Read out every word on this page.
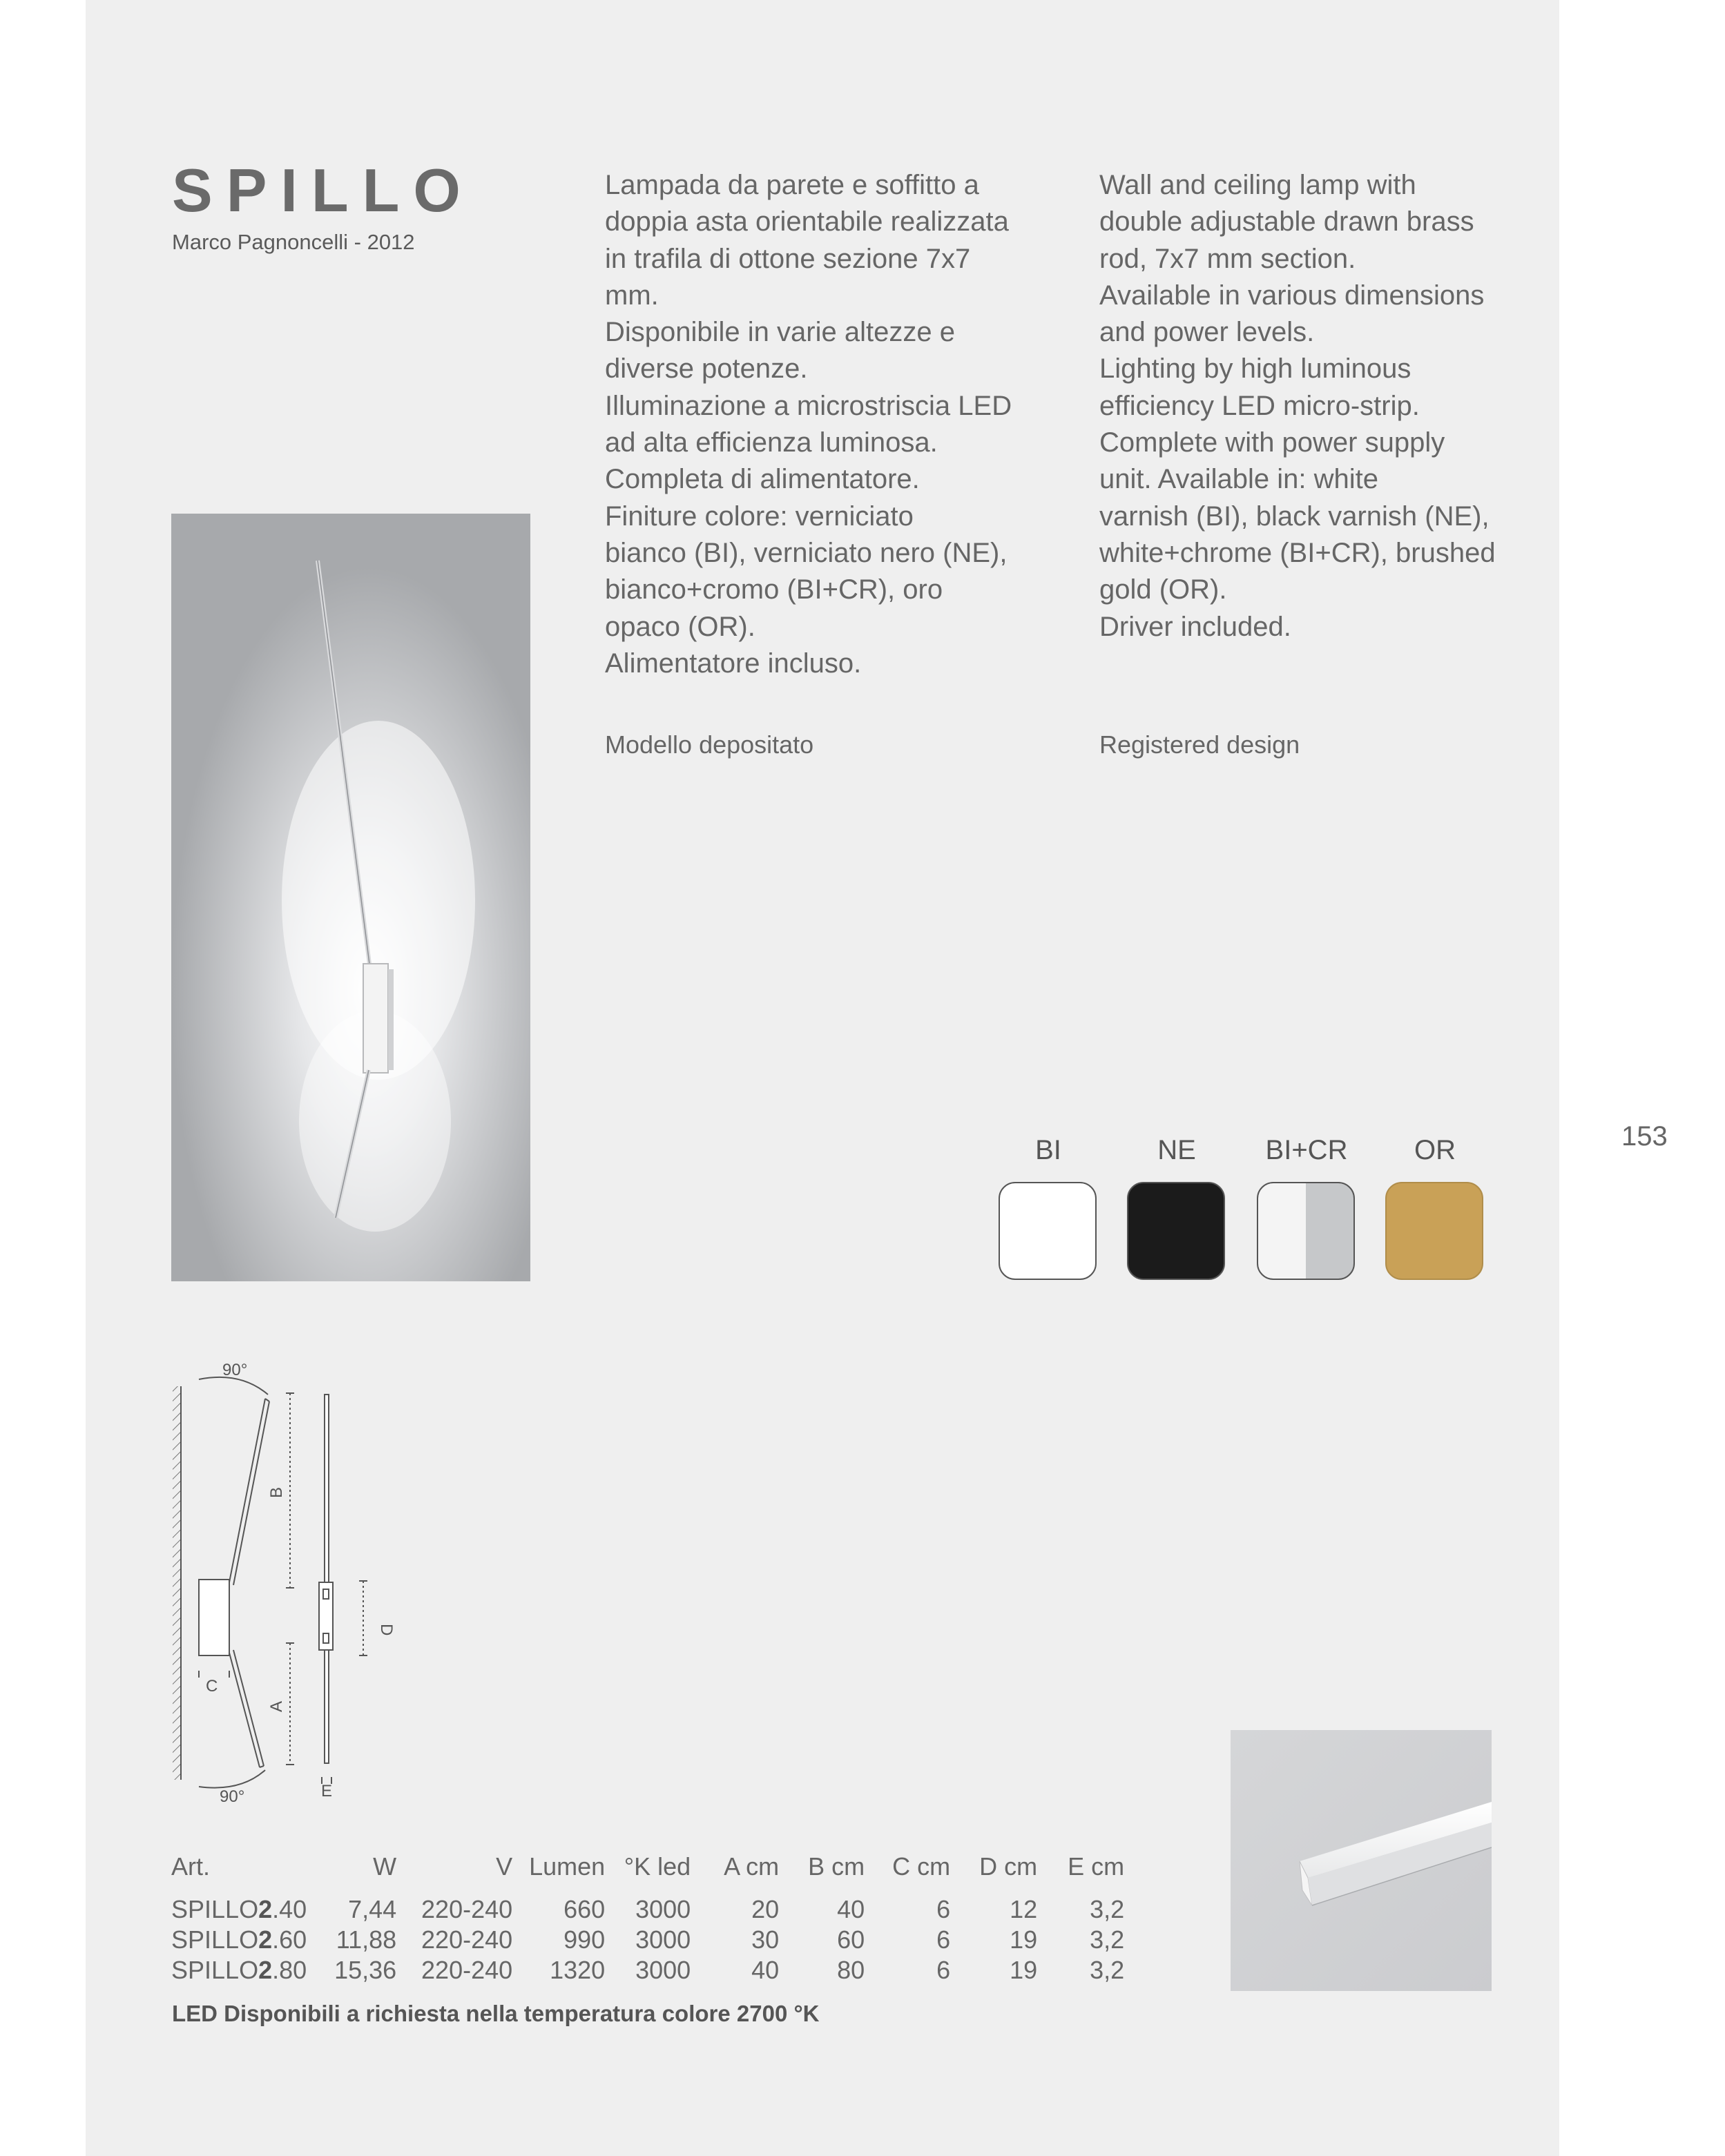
SPILLO
Marco Pagnoncelli - 2012

Lampada da parete e soffitto a

doppia asta orientabile realizzata

in trafila di ottone sezione 7x7

mm.

Disponibile in varie altezze e

diverse potenze.

Illuminazione a microstriscia LED

ad alta efficienza luminosa.

Completa di alimentatore.

Finiture colore: verniciato

bianco (BI), verniciato nero (NE),

bianco+cromo (BI+CR), oro

opaco (OR).

Alimentatore incluso.

Wall and ceiling lamp with

double adjustable drawn brass

rod, 7x7 mm section.

Available in various dimensions

and power levels.

Lighting by high luminous

efficiency LED micro-strip.

Complete with power supply

unit. Available in: white

varnish (BI), black varnish (NE),

white+chrome (BI+CR), brushed

gold (OR).

Driver included.

Modello depositato	Registered design
153
BI	NE	BI+CR	OR
90°
90°
C
E
B
A
D
Art.	W	V	Lumen	°K led	A cm	B cm	C cm	D cm	E cm
SPILLO2.40	7,44	220-240	660	3000	20	40	6	12	3,2
SPILLO2.60	11,88	220-240	990	3000	30	60	6	19	3,2
SPILLO2.80	15,36	220-240	1320	3000	40	80	6	19	3,2
LED Disponibili a richiesta nella temperatura colore 2700 °K
